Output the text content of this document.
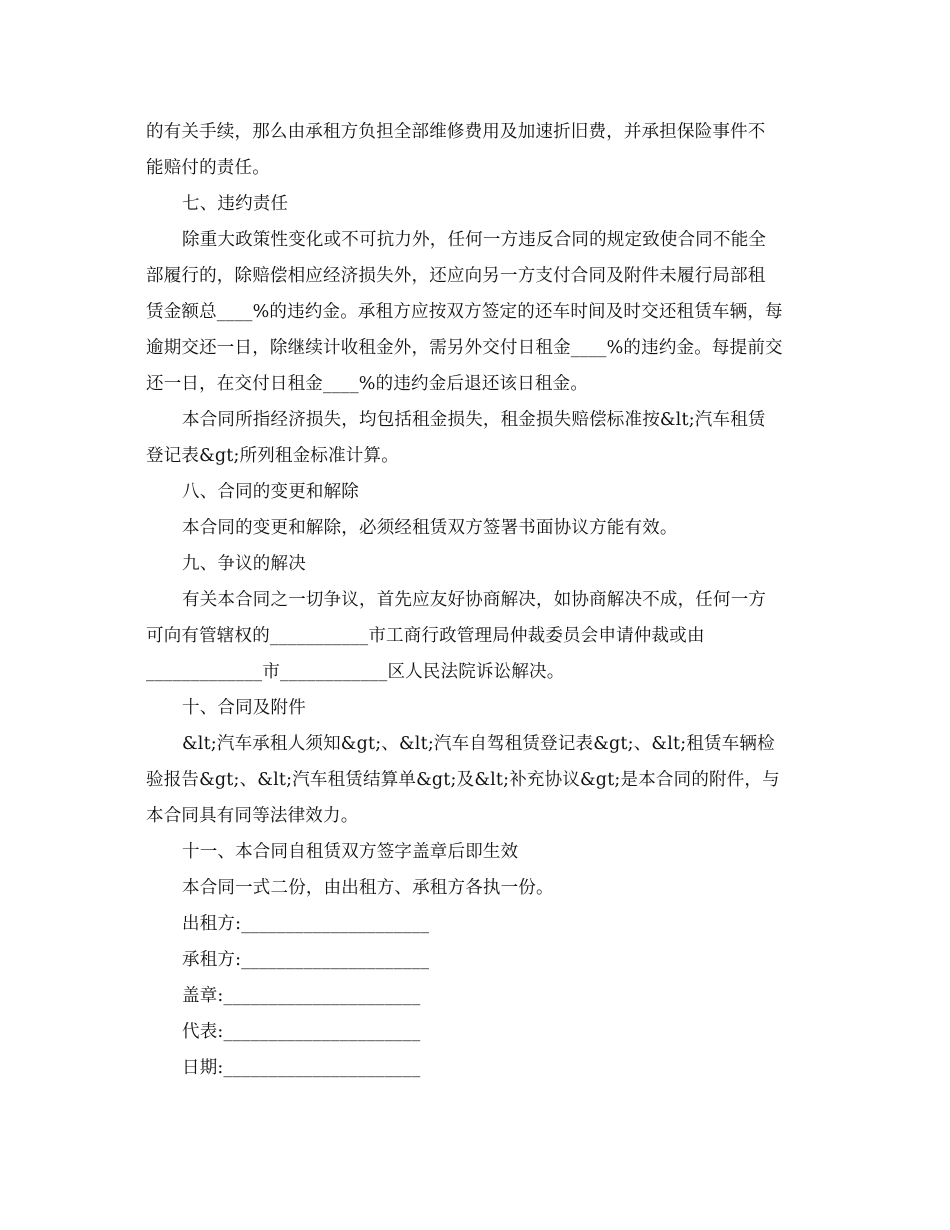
的有关手续，那么由承租方负担全部维修费用及加速折旧费，并承担保险事件不
能赔付的责任。
七、违约责任
除重大政策性变化或不可抗力外，任何一方违反合同的规定致使合同不能全
部履行的，除赔偿相应经济损失外，还应向另一方支付合同及附件未履行局部租
赁金额总____%的违约金。承租方应按双方签定的还车时间及时交还租赁车辆，每
逾期交还一日，除继续计收租金外，需另外交付日租金____%的违约金。每提前交
还一日，在交付日租金____%的违约金后退还该日租金。
本合同所指经济损失，均包括租金损失，租金损失赔偿标准按&lt;汽车租赁
登记表&gt;所列租金标准计算。
八、合同的变更和解除
本合同的变更和解除，必须经租赁双方签署书面协议方能有效。
九、争议的解决
有关本合同之一切争议，首先应友好协商解决，如协商解决不成，任何一方
可向有管辖权的___________市工商行政管理局仲裁委员会申请仲裁或由
_____________市____________区人民法院诉讼解决。
十、合同及附件
&lt;汽车承租人须知&gt;、&lt;汽车自驾租赁登记表&gt;、&lt;租赁车辆检
验报告&gt;、&lt;汽车租赁结算单&gt;及&lt;补充协议&gt;是本合同的附件，与
本合同具有同等法律效力。
十一、本合同自租赁双方签字盖章后即生效
本合同一式二份，由出租方、承租方各执一份。
出租方:_____________________
承租方:_____________________
盖章:______________________
代表:______________________
日期:______________________
